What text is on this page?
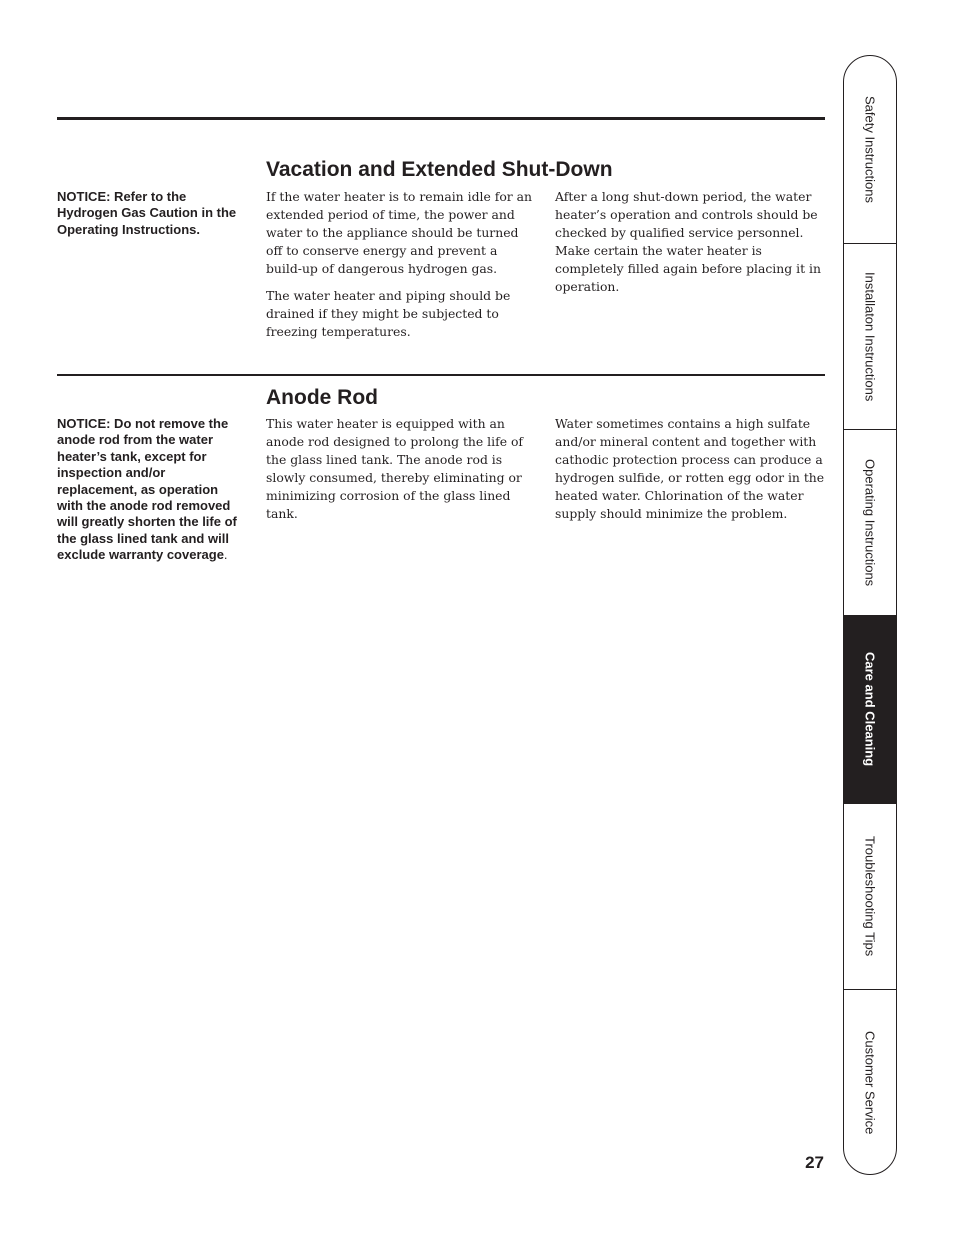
NOTICE: Refer to the Hydrogen Gas Caution in the Operating Instructions.
Vacation and Extended Shut-Down

If the water heater is to remain idle for an extended period of time, the power and water to the appliance should be turned off to conserve energy and prevent a build-up of dangerous hydrogen gas.

The water heater and piping should be drained if they might be subjected to freezing temperatures.

After a long shut-down period, the water heater’s operation and controls should be checked by qualified service personnel. Make certain the water heater is completely filled again before placing it in operation.

NOTICE: Do not remove the anode rod from the water heater’s tank, except for inspection and/or replacement, as operation with the anode rod removed will greatly shorten the life of the glass lined tank and will exclude warranty coverage.
Anode Rod

This water heater is equipped with an anode rod designed to prolong the life of the glass lined tank. The anode rod is slowly consumed, thereby eliminating or minimizing corrosion of the glass lined tank.

Water sometimes contains a high sulfate and/or mineral content and together with cathodic protection process can produce a hydrogen sulfide, or rotten egg odor in the heated water. Chlorination of the water supply should minimize the problem.

27
Safety Instructions
Installaton Instructions
Operating Instructions
Care and Cleaning
Troubleshooting Tips
Customer Service
